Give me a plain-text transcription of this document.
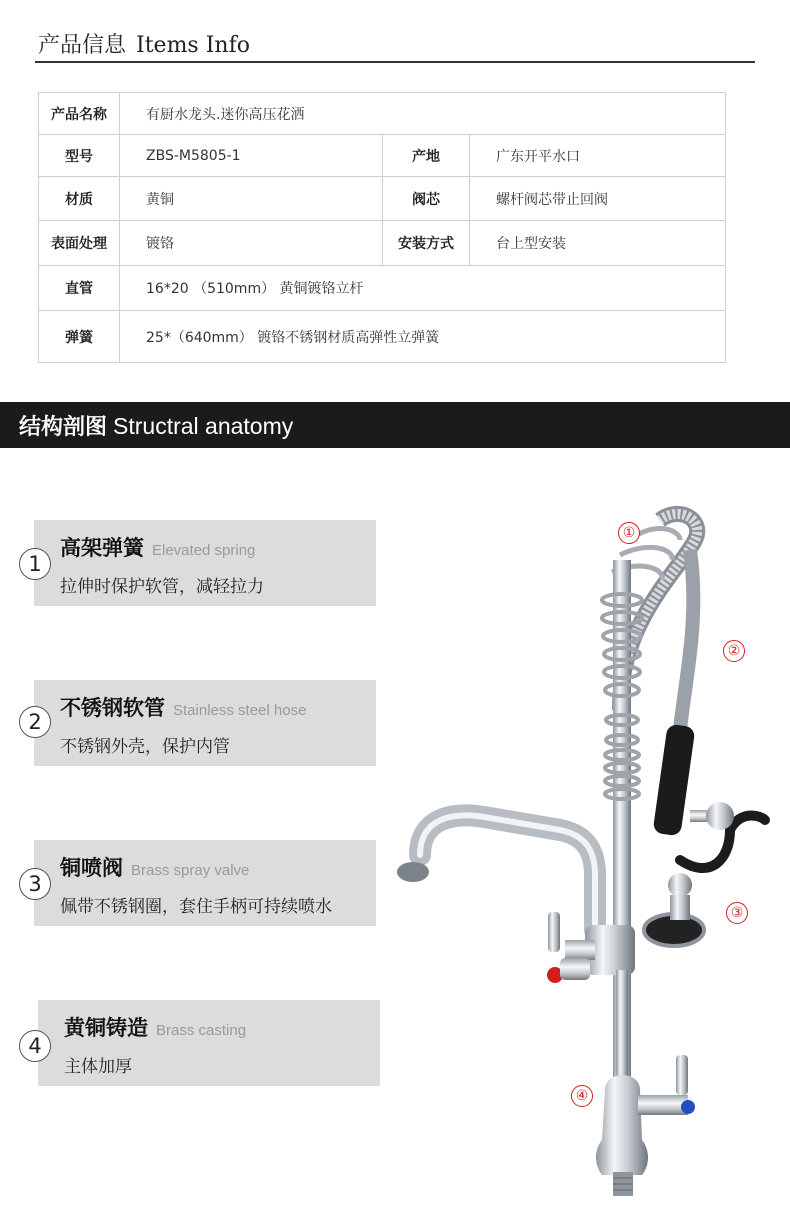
产品信息 Items Info
产品名称	有厨水龙头.迷你高压花洒		
型号	ZBS-M5805-1	产地	广东开平水口
材质	黄铜	阀芯	螺杆阀芯带止回阀
表面处理	镀铬	安装方式	台上型安装
直管	16*20 （510mm） 黄铜镀铬立杆		
弹簧	25*（640mm） 镀铬不锈钢材质高弹性立弹簧		
结构剖图 Structral anatomy
高架弹簧 Elevated spring
拉伸时保护软管，减轻拉力
1
不锈钢软管 Stainless steel hose
不锈钢外壳，保护内管
2
铜喷阀 Brass spray valve
佩带不锈钢圈，套住手柄可持续喷水
3
黄铜铸造 Brass casting
主体加厚
4
①
②
③
④
